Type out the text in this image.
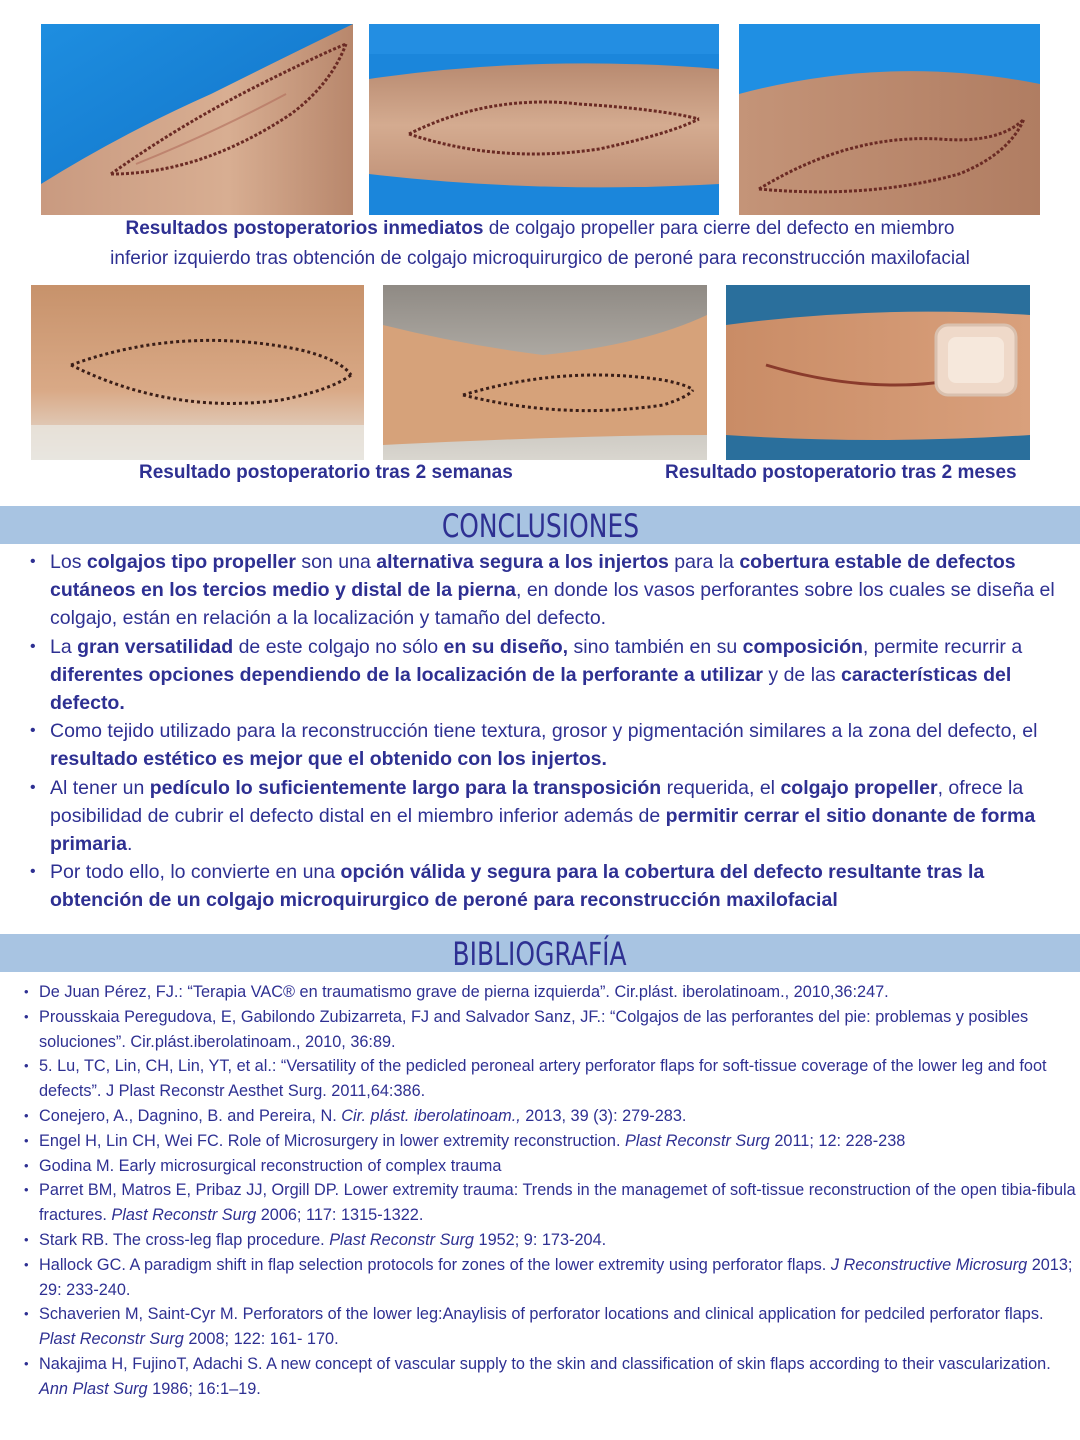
Resultados postoperatorios inmediatos de colgajo propeller para cierre del defecto en miembro
inferior izquierdo tras obtención de colgajo microquirurgico de peroné para reconstrucción maxilofacial
Resultado postoperatorio tras 2 semanas	Resultado postoperatorio tras 2 meses
CONCLUSIONES
• Los colgajos tipo propeller son una alternativa segura a los injertos para la cobertura estable de defectos cutáneos en los tercios medio y distal de la pierna, en donde los vasos perforantes sobre los cuales se diseña el colgajo, están en relación a la localización y tamaño del defecto.
• La gran versatilidad de este colgajo no sólo en su diseño, sino también en su composición, permite recurrir a diferentes opciones dependiendo de la localización de la perforante a utilizar y de las características del defecto.
• Como tejido utilizado para la reconstrucción tiene textura, grosor y pigmentación similares a la zona del defecto, el resultado estético es mejor que el obtenido con los injertos.
• Al tener un pedículo lo suficientemente largo para la transposición requerida, el colgajo propeller, ofrece la posibilidad de cubrir el defecto distal en el miembro inferior además de permitir cerrar el sitio donante de forma primaria.
• Por todo ello, lo convierte en una opción válida y segura para la cobertura del defecto resultante tras la obtención de un colgajo microquirurgico de peroné para reconstrucción maxilofacial
BIBLIOGRAFÍA
• De Juan Pérez, FJ.: “Terapia VAC® en traumatismo grave de pierna izquierda”. Cir.plást. iberolatinoam., 2010,36:247.
• Prousskaia Peregudova, E, Gabilondo Zubizarreta, FJ and Salvador Sanz, JF.: “Colgajos de las perforantes del pie: problemas y posibles soluciones”. Cir.plást.iberolatinoam., 2010, 36:89.
• 5. Lu, TC, Lin, CH, Lin, YT, et al.: “Versatility of the pedicled peroneal artery perforator flaps for soft-tissue coverage of the lower leg and foot defects”. J Plast Reconstr Aesthet Surg. 2011,64:386.
• Conejero, A., Dagnino, B. and Pereira, N. Cir. plást. iberolatinoam., 2013, 39 (3): 279-283.
• Engel H, Lin CH, Wei FC. Role of Microsurgery in lower extremity reconstruction. Plast Reconstr Surg 2011; 12: 228-238
• Godina M. Early microsurgical reconstruction of complex trauma
• Parret BM, Matros E, Pribaz JJ, Orgill DP. Lower extremity trauma: Trends in the managemet of soft-tissue reconstruction of the open tibia-fibula fractures. Plast Reconstr Surg 2006; 117: 1315-1322.
• Stark RB. The cross-leg flap procedure. Plast Reconstr Surg 1952; 9: 173-204.
• Hallock GC. A paradigm shift in flap selection protocols for zones of the lower extremity using perforator flaps. J Reconstructive Microsurg 2013; 29: 233-240.
• Schaverien M, Saint-Cyr M. Perforators of the lower leg:Anaylisis of perforator locations and clinical application for pedciled perforator flaps. Plast Reconstr Surg 2008; 122: 161- 170.
• Nakajima H, FujinoT, Adachi S. A new concept of vascular supply to the skin and classification of skin flaps according to their vascularization. Ann Plast Surg 1986; 16:1–19.
